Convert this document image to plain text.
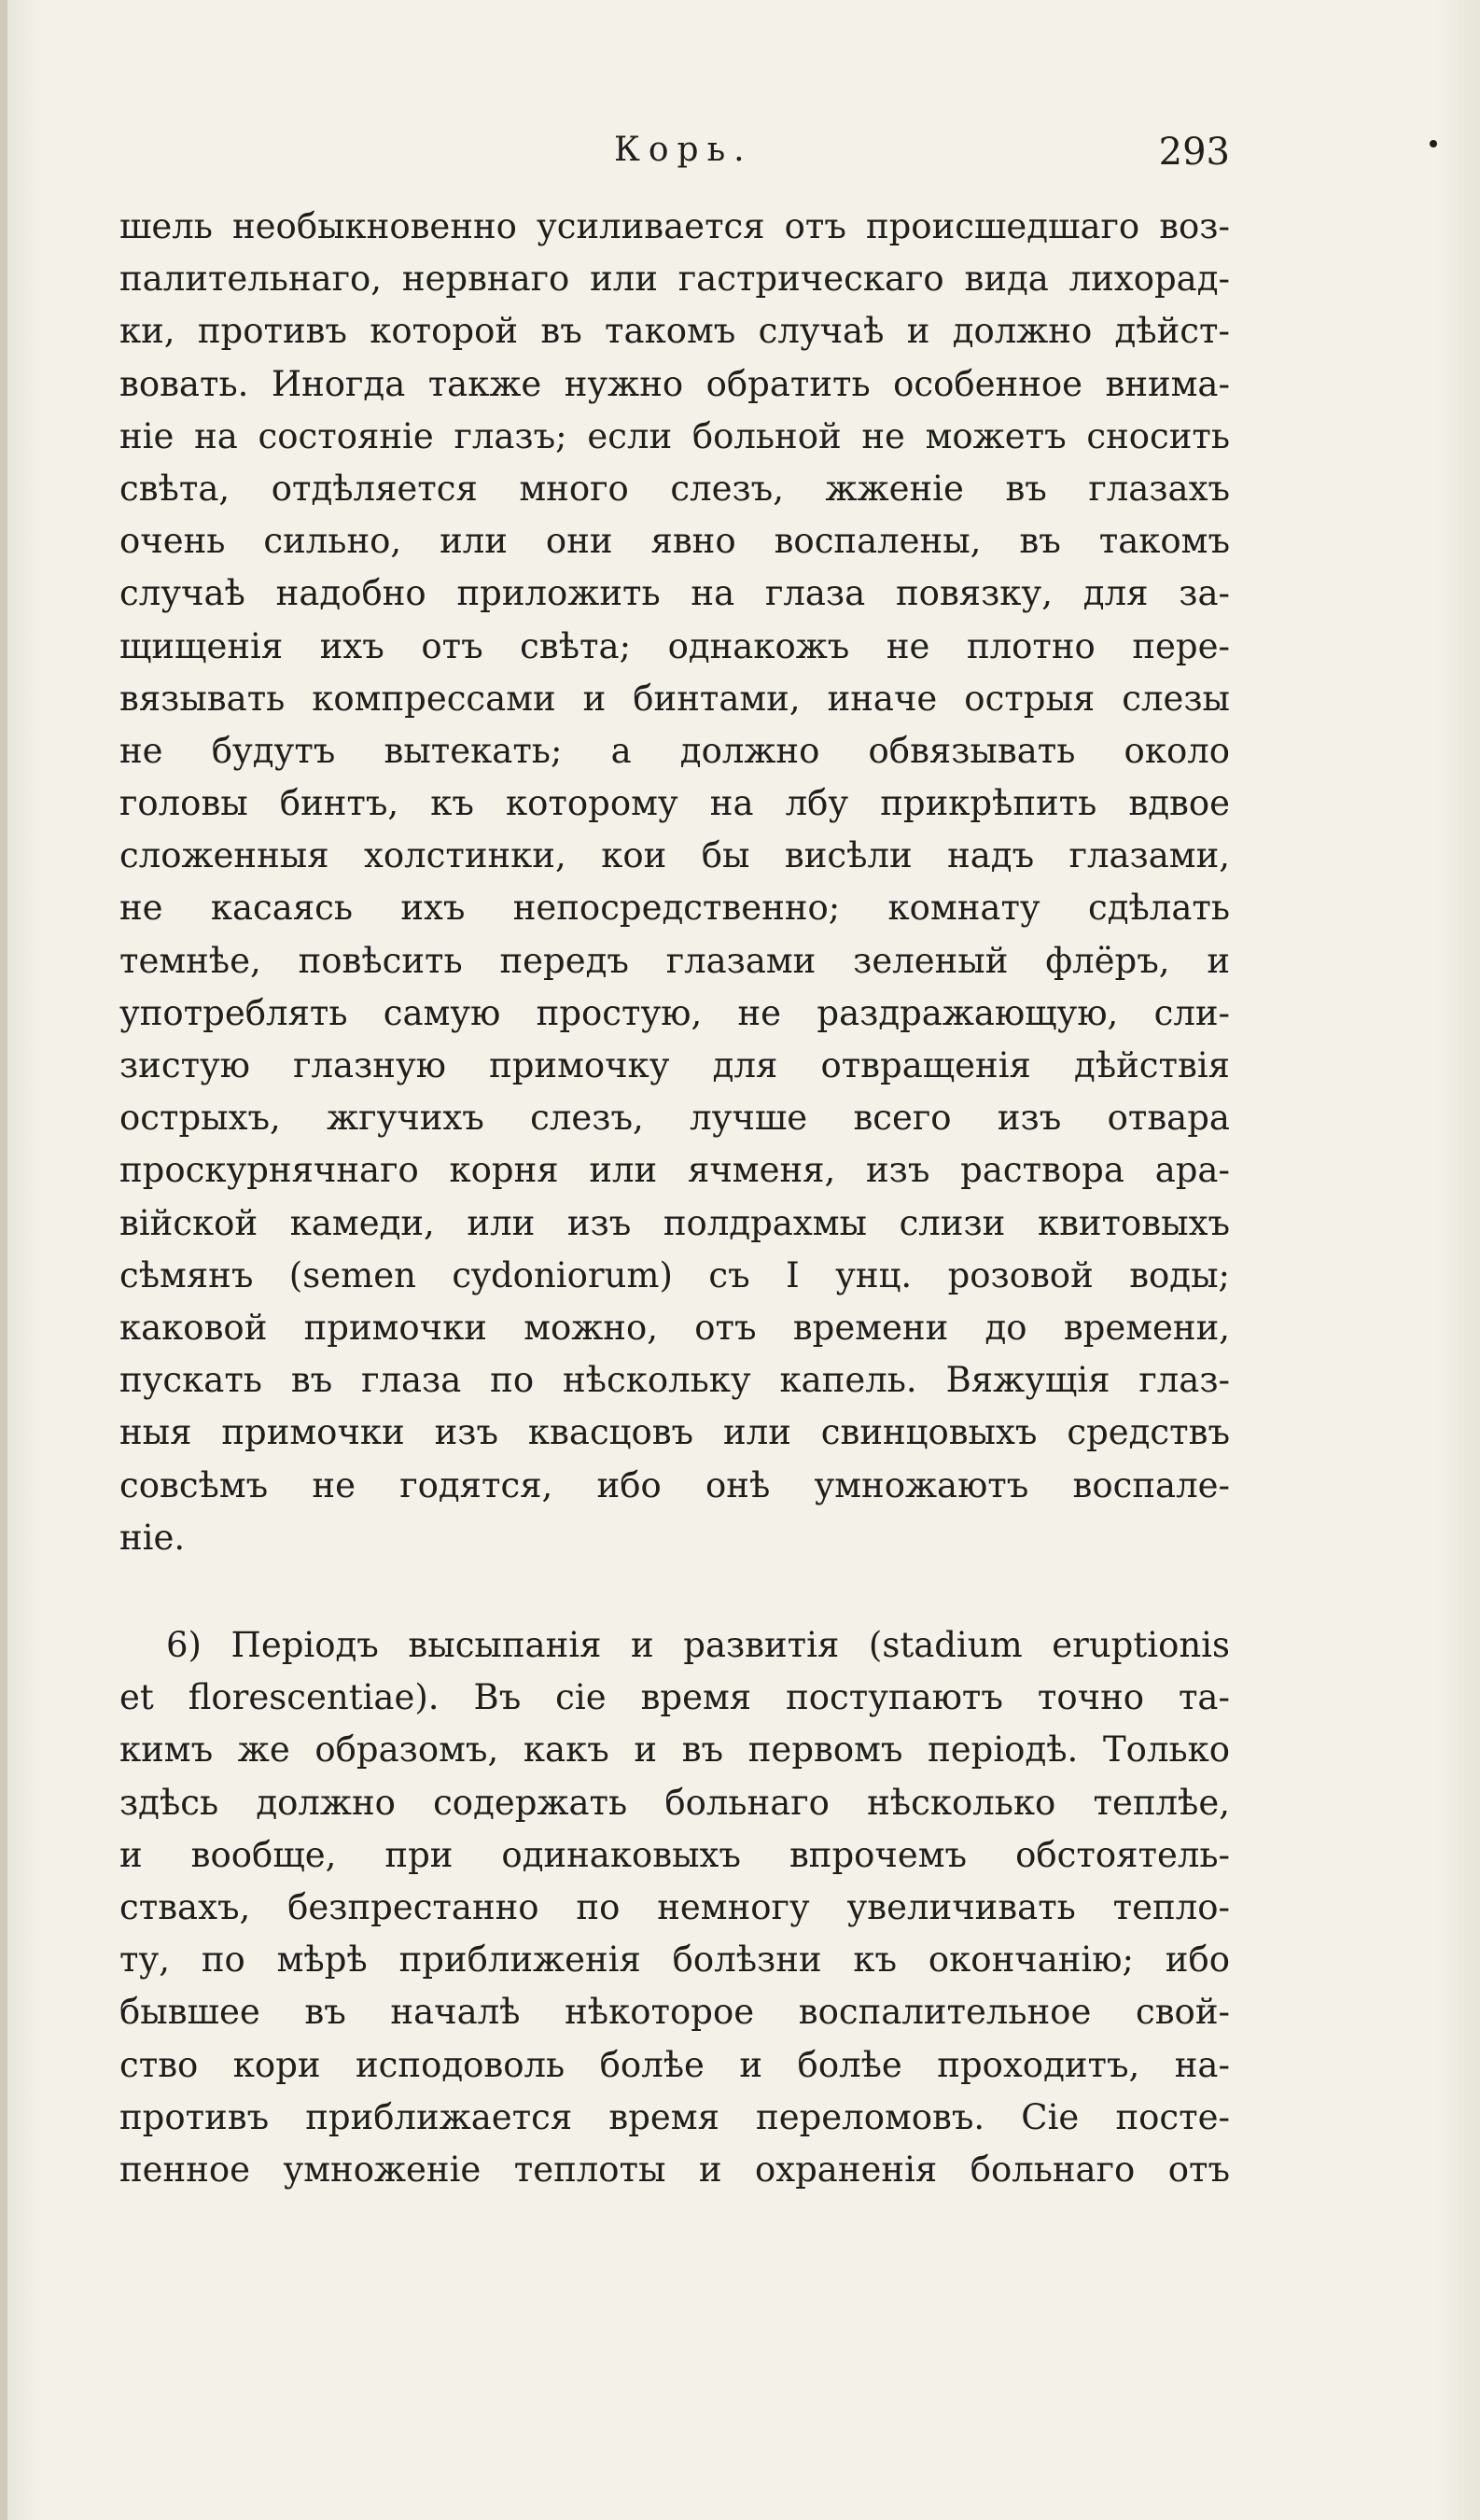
Корь.	293
шель необыкновенно усиливается отъ происшедшаго воз-
палительнаго, нервнаго или гастрическаго вида лихорад-
ки, противъ которой въ такомъ случаѣ и должно дѣйст-
вовать. Иногда также нужно обратить особенное внима-
ніе на состояніе глазъ; если больной не можетъ сносить
свѣта, отдѣляется много слезъ, жженіе въ глазахъ
очень сильно, или они явно воспалены, въ такомъ
случаѣ надобно приложить на глаза повязку, для за-
щищенія ихъ отъ свѣта; однакожъ не плотно пере-
вязывать компрессами и бинтами, иначе острыя слезы
не будутъ вытекать; а должно обвязывать около
головы бинтъ, къ которому на лбу прикрѣпить вдвое
сложенныя холстинки, кои бы висѣли надъ глазами,
не касаясь ихъ непосредственно; комнату сдѣлать
темнѣе, повѣсить передъ глазами зеленый флёръ, и
употреблять самую простую, не раздражающую, сли-
зистую глазную примочку для отвращенія дѣйствія
острыхъ, жгучихъ слезъ, лучше всего изъ отвара
проскурнячнаго корня или ячменя, изъ раствора ара-
війской камеди, или изъ полдрахмы слизи квитовыхъ
сѣмянъ (semen cydoniorum) съ I унц. розовой воды;
каковой примочки можно, отъ времени до времени,
пускать въ глаза по нѣскольку капель. Вяжущія глаз-
ныя примочки изъ квасцовъ или свинцовыхъ средствъ
совсѣмъ не годятся, ибо онѣ умножаютъ воспале-
ніе.
6) Періодъ высыпанія и развитія (stadium eruptionis
et florescentiae). Въ сіе время поступаютъ точно та-
кимъ же образомъ, какъ и въ первомъ періодѣ. Только
здѣсь должно содержать больнаго нѣсколько теплѣе,
и вообще, при одинаковыхъ впрочемъ обстоятель-
ствахъ, безпрестанно по немногу увеличивать тепло-
ту, по мѣрѣ приближенія болѣзни къ окончанію; ибо
бывшее въ началѣ нѣкоторое воспалительное свой-
ство кори исподоволь болѣе и болѣе проходитъ, на-
противъ приближается время переломовъ. Сіе посте-
пенное умноженіе теплоты и охраненія больнаго отъ
